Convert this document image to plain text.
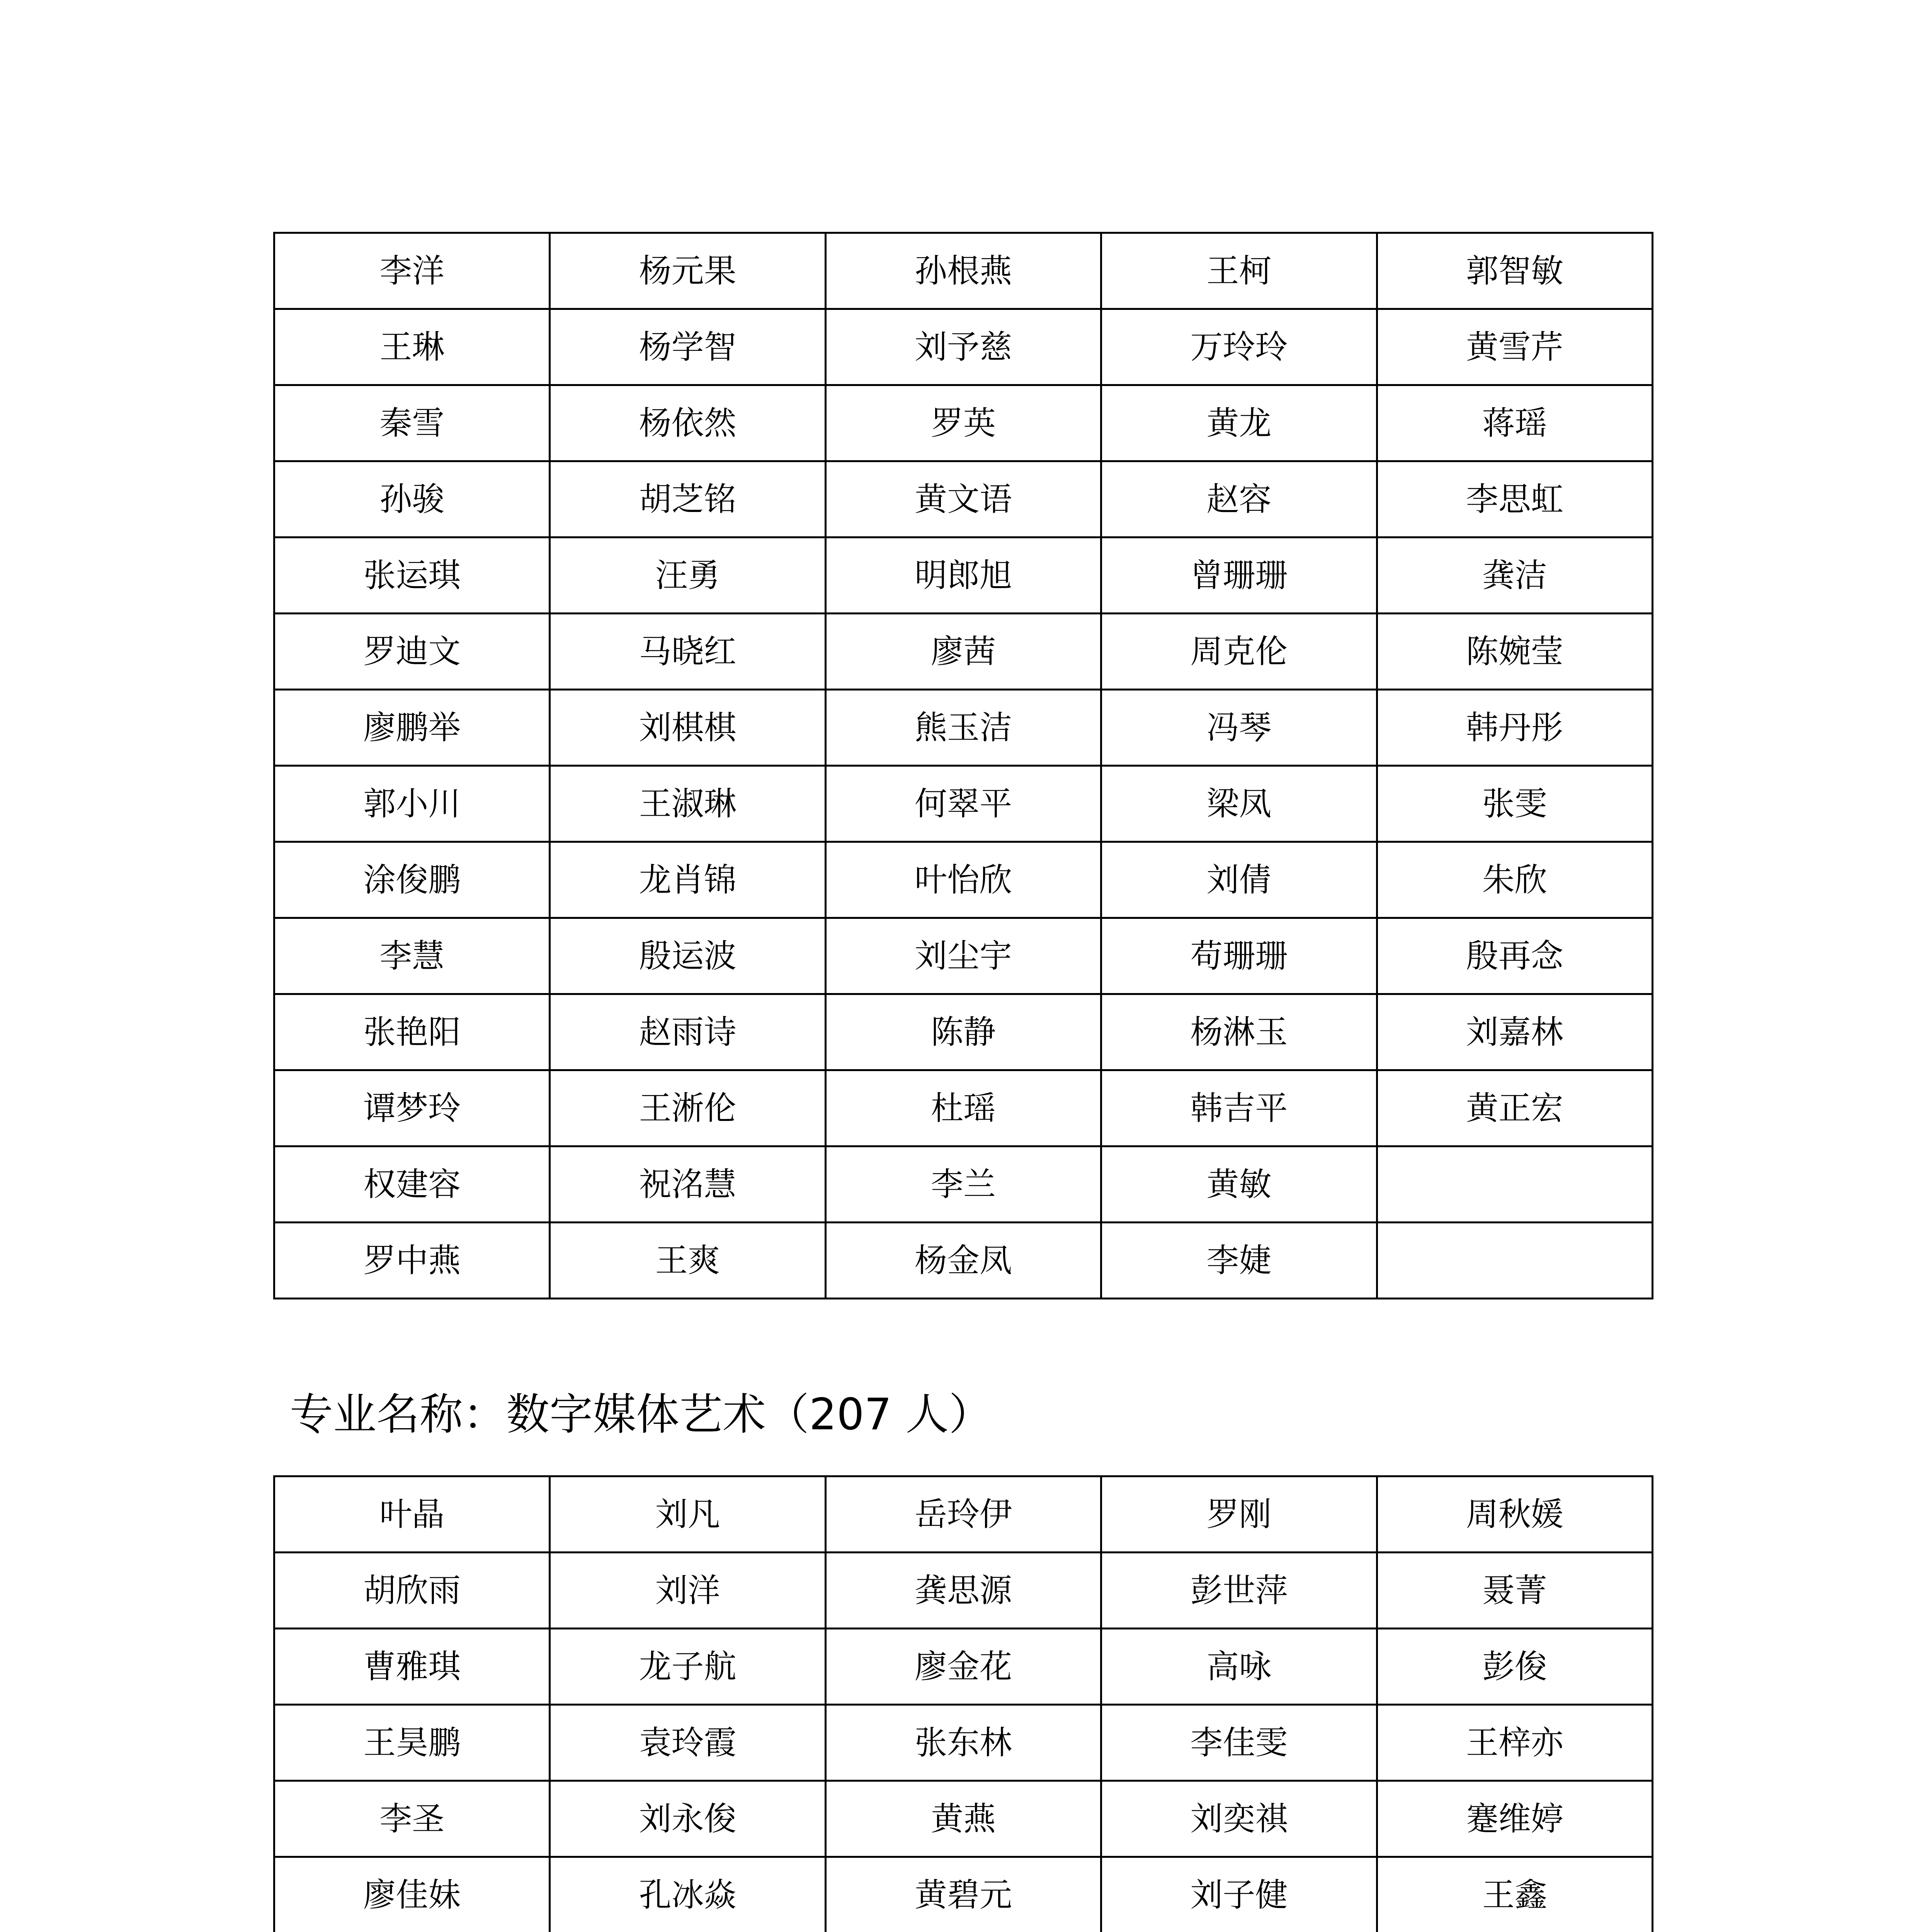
李洋	杨元果	孙根燕	王柯	郭智敏
王琳	杨学智	刘予慈	万玲玲	黄雪芹
秦雪	杨依然	罗英	黄龙	蒋瑶
孙骏	胡芝铭	黄文语	赵容	李思虹
张运琪	汪勇	明郎旭	曾珊珊	龚洁
罗迪文	马晓红	廖茜	周克伦	陈婉莹
廖鹏举	刘棋棋	熊玉洁	冯琴	韩丹彤
郭小川	王淑琳	何翠平	梁凤	张雯
涂俊鹏	龙肖锦	叶怡欣	刘倩	朱欣
李慧	殷运波	刘尘宇	苟珊珊	殷再念
张艳阳	赵雨诗	陈静	杨淋玉	刘嘉林
谭梦玲	王淅伦	杜瑶	韩吉平	黄正宏
权建容	祝洺慧	李兰	黄敏	
罗中燕	王爽	杨金凤	李婕	
专业名称：数字媒体艺术（207 人）
叶晶	刘凡	岳玲伊	罗刚	周秋媛
胡欣雨	刘洋	龚思源	彭世萍	聂菁
曹雅琪	龙子航	廖金花	高咏	彭俊
王昊鹏	袁玲霞	张东林	李佳雯	王梓亦
李圣	刘永俊	黄燕	刘奕祺	蹇维婷
廖佳妹	孔冰焱	黄碧元	刘子健	王鑫
